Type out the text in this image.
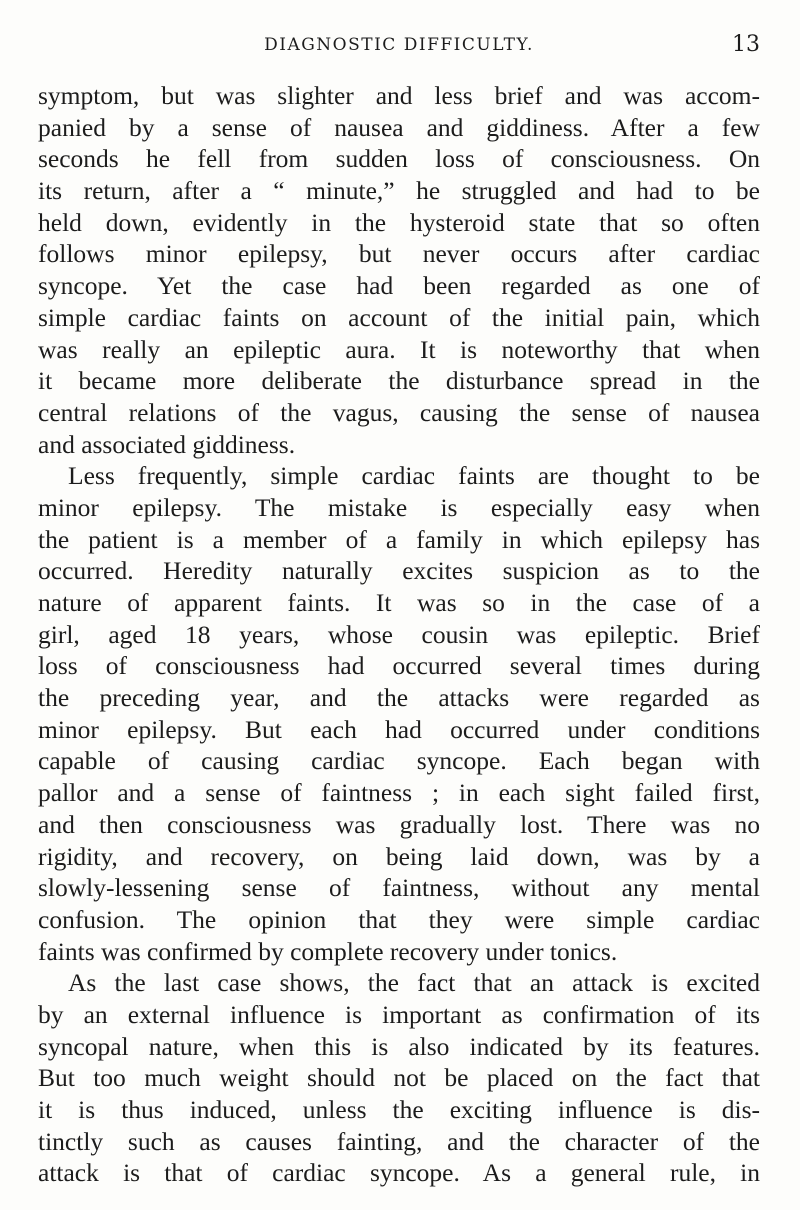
DIAGNOSTIC DIFFICULTY.	13
symptom, but was slighter and less brief and was accom-
panied by a sense of nausea and giddiness. After a few
seconds he fell from sudden loss of consciousness. On
its return, after a “ minute,” he struggled and had to be
held down, evidently in the hysteroid state that so often
follows minor epilepsy, but never occurs after cardiac
syncope. Yet the case had been regarded as one of
simple cardiac faints on account of the initial pain, which
was really an epileptic aura. It is noteworthy that when
it became more deliberate the disturbance spread in the
central relations of the vagus, causing the sense of nausea
and associated giddiness.
Less frequently, simple cardiac faints are thought to be
minor epilepsy. The mistake is especially easy when
the patient is a member of a family in which epilepsy has
occurred. Heredity naturally excites suspicion as to the
nature of apparent faints. It was so in the case of a
girl, aged 18 years, whose cousin was epileptic. Brief
loss of consciousness had occurred several times during
the preceding year, and the attacks were regarded as
minor epilepsy. But each had occurred under conditions
capable of causing cardiac syncope. Each began with
pallor and a sense of faintness ; in each sight failed first,
and then consciousness was gradually lost. There was no
rigidity, and recovery, on being laid down, was by a
slowly-lessening sense of faintness, without any mental
confusion. The opinion that they were simple cardiac
faints was confirmed by complete recovery under tonics.
As the last case shows, the fact that an attack is excited
by an external influence is important as confirmation of its
syncopal nature, when this is also indicated by its features.
But too much weight should not be placed on the fact that
it is thus induced, unless the exciting influence is dis-
tinctly such as causes fainting, and the character of the
attack is that of cardiac syncope. As a general rule, in
